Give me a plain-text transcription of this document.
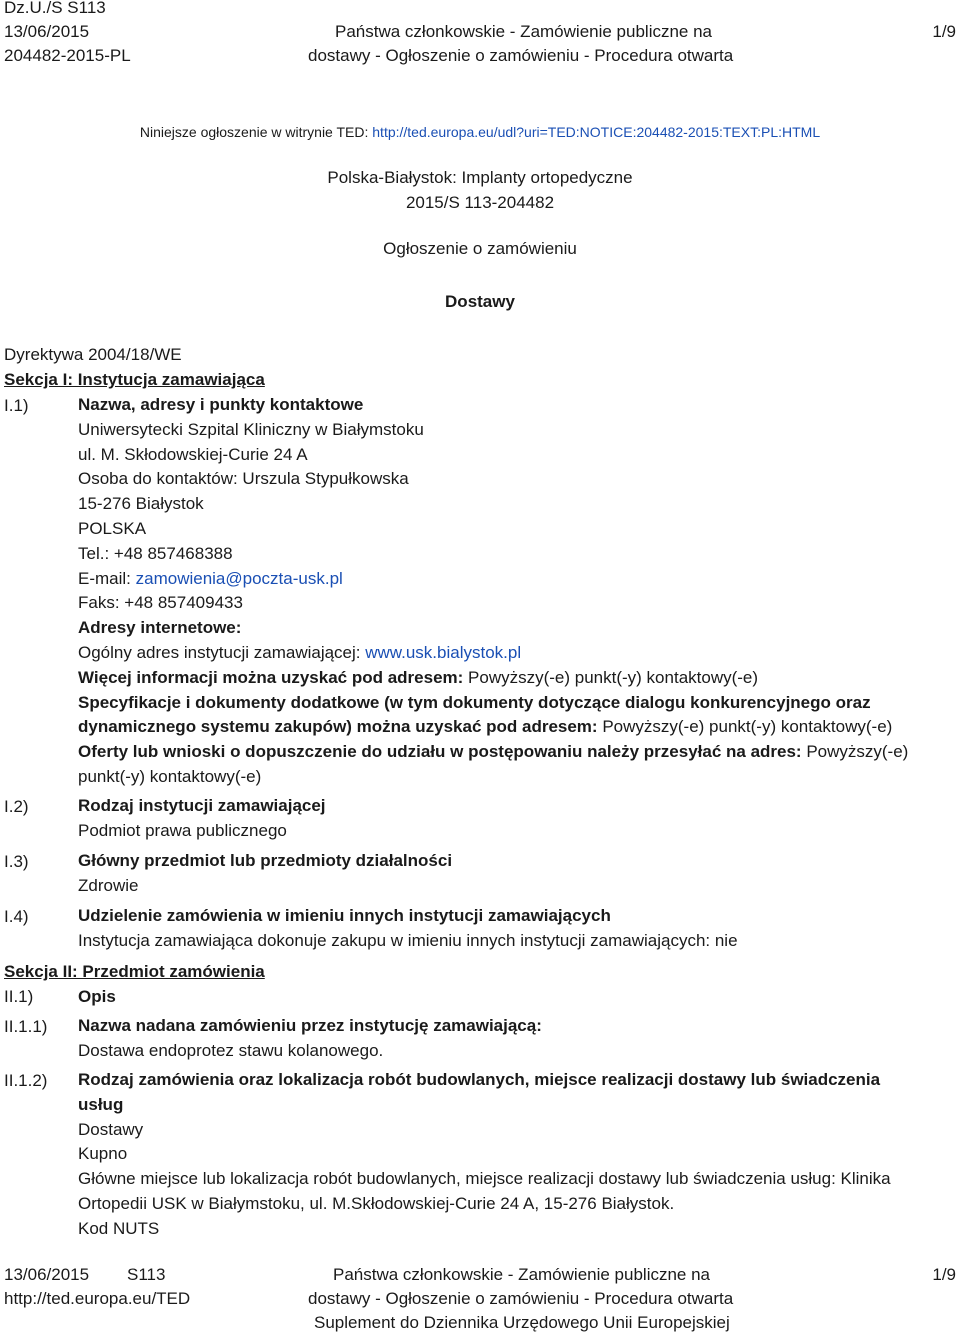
Dz.U./S S113
13/06/2015
204482-2015-PL
Państwa członkowskie - Zamówienie publiczne na
dostawy - Ogłoszenie o zamówieniu - Procedura otwarta
1/9
Niniejsze ogłoszenie w witrynie TED: http://ted.europa.eu/udl?uri=TED:NOTICE:204482-2015:TEXT:PL:HTML
Polska-Białystok: Implanty ortopedyczne
2015/S 113-204482
Ogłoszenie o zamówieniu
Dostawy
Dyrektywa 2004/18/WE
Sekcja I: Instytucja zamawiająca
I.1)	Nazwa, adresy i punkty kontaktowe
Uniwersytecki Szpital Kliniczny w Białymstoku
ul. M. Skłodowskiej-Curie 24 A
Osoba do kontaktów: Urszula Stypułkowska
15-276 Białystok
POLSKA
Tel.: +48 857468388
E-mail: zamowienia@poczta-usk.pl
Faks: +48 857409433
Adresy internetowe:
Ogólny adres instytucji zamawiającej: www.usk.bialystok.pl
Więcej informacji można uzyskać pod adresem: Powyższy(-e) punkt(-y) kontaktowy(-e)
Specyfikacje i dokumenty dodatkowe (w tym dokumenty dotyczące dialogu konkurencyjnego oraz
dynamicznego systemu zakupów) można uzyskać pod adresem: Powyższy(-e) punkt(-y) kontaktowy(-e)
Oferty lub wnioski o dopuszczenie do udziału w postępowaniu należy przesyłać na adres: Powyższy(-e)
punkt(-y) kontaktowy(-e)
I.2)	Rodzaj instytucji zamawiającej
Podmiot prawa publicznego
I.3)	Główny przedmiot lub przedmioty działalności
Zdrowie
I.4)	Udzielenie zamówienia w imieniu innych instytucji zamawiających
Instytucja zamawiająca dokonuje zakupu w imieniu innych instytucji zamawiających: nie
Sekcja II: Przedmiot zamówienia
II.1)	Opis
II.1.1) Nazwa nadana zamówieniu przez instytucję zamawiającą:
Dostawa endoprotez stawu kolanowego.
II.1.2) Rodzaj zamówienia oraz lokalizacja robót budowlanych, miejsce realizacji dostawy lub świadczenia
usług
Dostawy
Kupno
Główne miejsce lub lokalizacja robót budowlanych, miejsce realizacji dostawy lub świadczenia usług: Klinika
Ortopedii USK w Białymstoku, ul. M.Skłodowskiej-Curie 24 A, 15-276 Białystok.
Kod NUTS
13/06/2015 S113
http://ted.europa.eu/TED
Państwa członkowskie - Zamówienie publiczne na
dostawy - Ogłoszenie o zamówieniu - Procedura otwarta
Suplement do Dziennika Urzędowego Unii Europejskiej
1/9
